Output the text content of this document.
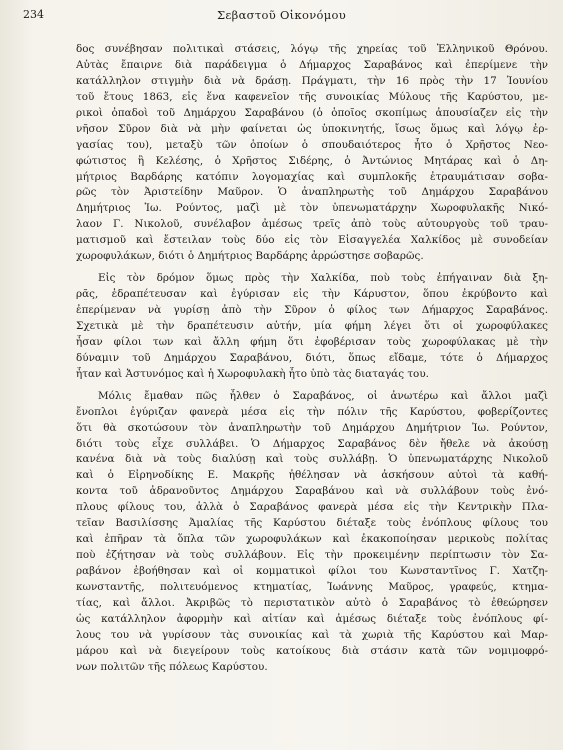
234	Σεβαστοῦ Οἰκονόμου
δος συνέβησαν πολιτικαὶ στάσεις, λόγῳ τῆς χηρείας τοῦ Ἑλληνικοῦ Θρόνου.
Αὐτὰς ἔπαιρνε διὰ παράδειγμα ὁ Δήμαρχος Σαραβάνος καὶ ἐπερίμενε τὴν
κατάλληλον στιγμὴν διὰ νὰ δράσῃ. Πράγματι, τὴν 16 πρὸς τὴν 17 Ἰουνίου
τοῦ ἔτους 1863, εἰς ἕνα καφενεῖον τῆς συνοικίας Μύλους τῆς Καρύστου, με-
ρικοὶ ὀπαδοὶ τοῦ Δημάρχου Σαραβάνου (ὁ ὁποῖος σκοπίμως ἀπουσίαζεν εἰς τὴν
νῆσον Σῦρον διὰ νὰ μὴν φαίνεται ὡς ὑποκινητής, ἴσως ὅμως καὶ λόγῳ ἐρ-
γασίας του), μεταξὺ τῶν ὁποίων ὁ σπουδαιότερος ἦτο ὁ Χρῆστος Νεο-
φώτιστος ἢ Κελέσης, ὁ Χρῆστος Σιδέρης, ὁ Ἀντώνιος Μητάρας καὶ ὁ Δη-
μήτριος Βαρδάρης κατόπιν λογομαχίας καὶ συμπλοκῆς ἐτραυμάτισαν σοβα-
ρῶς τὸν Ἀριστείδην Μαῦρον. Ὁ ἀναπληρωτὴς τοῦ Δημάρχου Σαραβάνου
Δημήτριος Ἰω. Ρούντος, μαζὶ μὲ τὸν ὑπενωματάρχην Χωροφυλακῆς Νικό-
λαον Γ. Νικολοῦ, συνέλαβον ἀμέσως τρεῖς ἀπὸ τοὺς αὐτουργοὺς τοῦ τραυ-
ματισμοῦ καὶ ἔστειλαν τοὺς δύο εἰς τὸν Εἰσαγγελέα Χαλκίδος μὲ συνοδείαν
χωροφυλάκων, διότι ὁ Δημήτριος Βαρδάρης ἀρρώστησε σοβαρῶς.
Εἰς τὸν δρόμον ὅμως πρὸς τὴν Χαλκίδα, ποὺ τοὺς ἐπήγαιναν διὰ ξη-
ρᾶς, ἐδραπέτευσαν καὶ ἐγύρισαν εἰς τὴν Κάρυστον, ὅπου ἐκρύβοντο καὶ
ἐπερίμεναν νὰ γυρίσῃ ἀπὸ τὴν Σῦρον ὁ φίλος των Δήμαρχος Σαραβάνος.
Σχετικὰ μὲ τὴν δραπέτευσιν αὐτήν, μία φήμη λέγει ὅτι οἱ χωροφύλακες
ἦσαν φίλοι των καὶ ἄλλη φήμη ὅτι ἐφοβέρισαν τοὺς χωροφύλακας μὲ τὴν
δύναμιν τοῦ Δημάρχου Σαραβάνου, διότι, ὅπως εἴδαμε, τότε ὁ Δήμαρχος
ἦταν καὶ Ἀστυνόμος καὶ ἡ Χωροφυλακὴ ἦτο ὑπὸ τὰς διαταγάς του.
Μόλις ἔμαθαν πῶς ἦλθεν ὁ Σαραβάνος, οἱ ἀνωτέρω καὶ ἄλλοι μαζὶ
ἔνοπλοι ἐγύριζαν φανερὰ μέσα εἰς τὴν πόλιν τῆς Καρύστου, φοβερίζοντες
ὅτι θὰ σκοτώσουν τὸν ἀναπληρωτὴν τοῦ Δημάρχου Δημήτριον Ἰω. Ρούντον,
διότι τοὺς εἶχε συλλάβει. Ὁ Δήμαρχος Σαραβάνος δὲν ἤθελε νὰ ἀκούσῃ
κανένα διὰ νὰ τοὺς διαλύσῃ καὶ τοὺς συλλάβῃ. Ὁ ὑπενωματάρχης Νικολοῦ
καὶ ὁ Εἰρηνοδίκης Ε. Μακρῆς ἠθέλησαν νὰ ἀσκήσουν αὐτοὶ τὰ καθή-
κοντα τοῦ ἀδρανοῦντος Δημάρχου Σαραβάνου καὶ νὰ συλλάβουν τοὺς ἐνό-
πλους φίλους του, ἀλλὰ ὁ Σαραβάνος φανερὰ μέσα εἰς τὴν Κεντρικὴν Πλα-
τεῖαν Βασιλίσσης Ἀμαλίας τῆς Καρύστου διέταξε τοὺς ἐνόπλους φίλους του
καὶ ἐπῆραν τὰ ὅπλα τῶν χωροφυλάκων καὶ ἐκακοποίησαν μερικοὺς πολίτας
ποὺ ἐζήτησαν νὰ τοὺς συλλάβουν. Εἰς τὴν προκειμένην περίπτωσιν τὸν Σα-
ραβάνον ἐβοήθησαν καὶ οἱ κομματικοὶ φίλοι του Κωνσταντῖνος Γ. Χατζη-
κωνσταντῆς, πολιτευόμενος κτηματίας, Ἰωάννης Μαῦρος, γραφεύς, κτημα-
τίας, καὶ ἄλλοι. Ἀκριβῶς τὸ περιστατικὸν αὐτὸ ὁ Σαραβάνος τὸ ἐθεώρησεν
ὡς κατάλληλον ἀφορμὴν καὶ αἰτίαν καὶ ἀμέσως διέταξε τοὺς ἐνόπλους φί-
λους του νὰ γυρίσουν τὰς συνοικίας καὶ τὰ χωριὰ τῆς Καρύστου καὶ Μαρ-
μάρου καὶ νὰ διεγείρουν τοὺς κατοίκους διὰ στάσιν κατὰ τῶν νομιμοφρό-
νων πολιτῶν τῆς πόλεως Καρύστου.
